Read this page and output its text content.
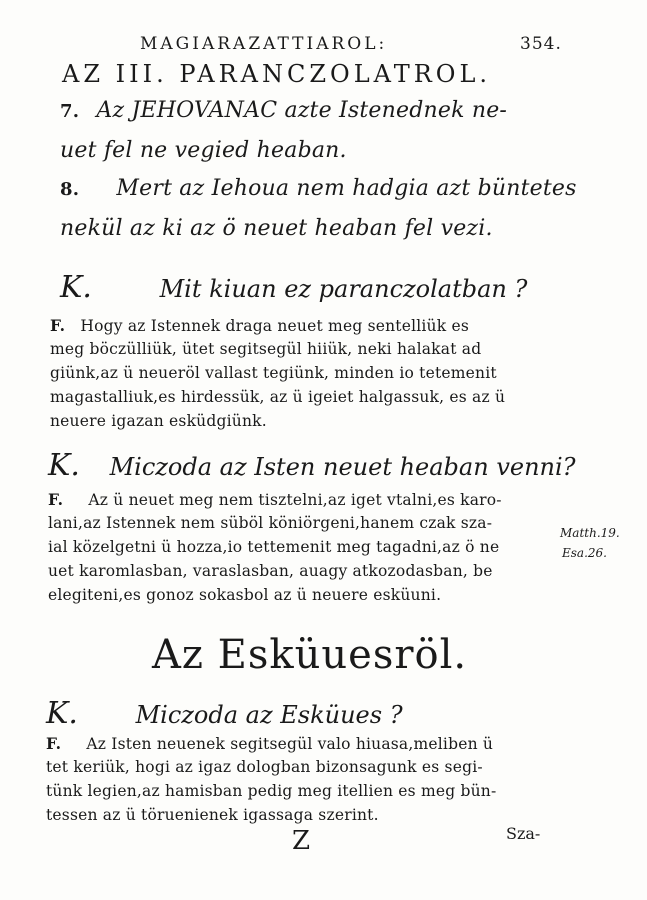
MAGIARAZATTIAROL:	354.
AZ III. PARANCZOLATROL.
7. Az JEHOVANAC azte Istenednek ne-
uet fel ne vegied heaban.
8. Mert az Iehoua nem hadgia azt büntetes
nekül az ki az ö neuet heaban fel vezi.
K.	Mit kiuan ez paranczolatban ?
F. Hogy az Istennek draga neuet meg sentelliük es
meg böczülliük, ütet segitsegül hiiük, neki halakat ad
giünk,az ü neueröl vallast tegiünk, minden io tetemenit
magastalliuk,es hirdessük, az ü igeiet halgassuk, es az ü
neuere igazan esküdgiünk.
K. Miczoda az Isten neuet heaban venni?
F. Az ü neuet meg nem tisztelni,az iget vtalni,es karo-
lani,az Istennek nem süböl köniörgeni,hanem czak sza-
ial közelgetni ü hozza,io tettemenit meg tagadni,az ö ne
uet karomlasban, varaslasban, auagy atkozodasban, be
elegiteni,es gonoz sokasbol az ü neuere esküuni.
Matth.19.
Esa.26.
Az Esküuesröl.
K. Miczoda az Esküues ?
F. Az Isten neuenek segitsegül valo hiuasa,meliben ü
tet keriük, hogi az igaz dologban bizonsagunk es segi-
tünk legien,az hamisban pedig meg itellien es meg bün-
tessen az ü töruenienek igassaga szerint.
Z	Sza-
